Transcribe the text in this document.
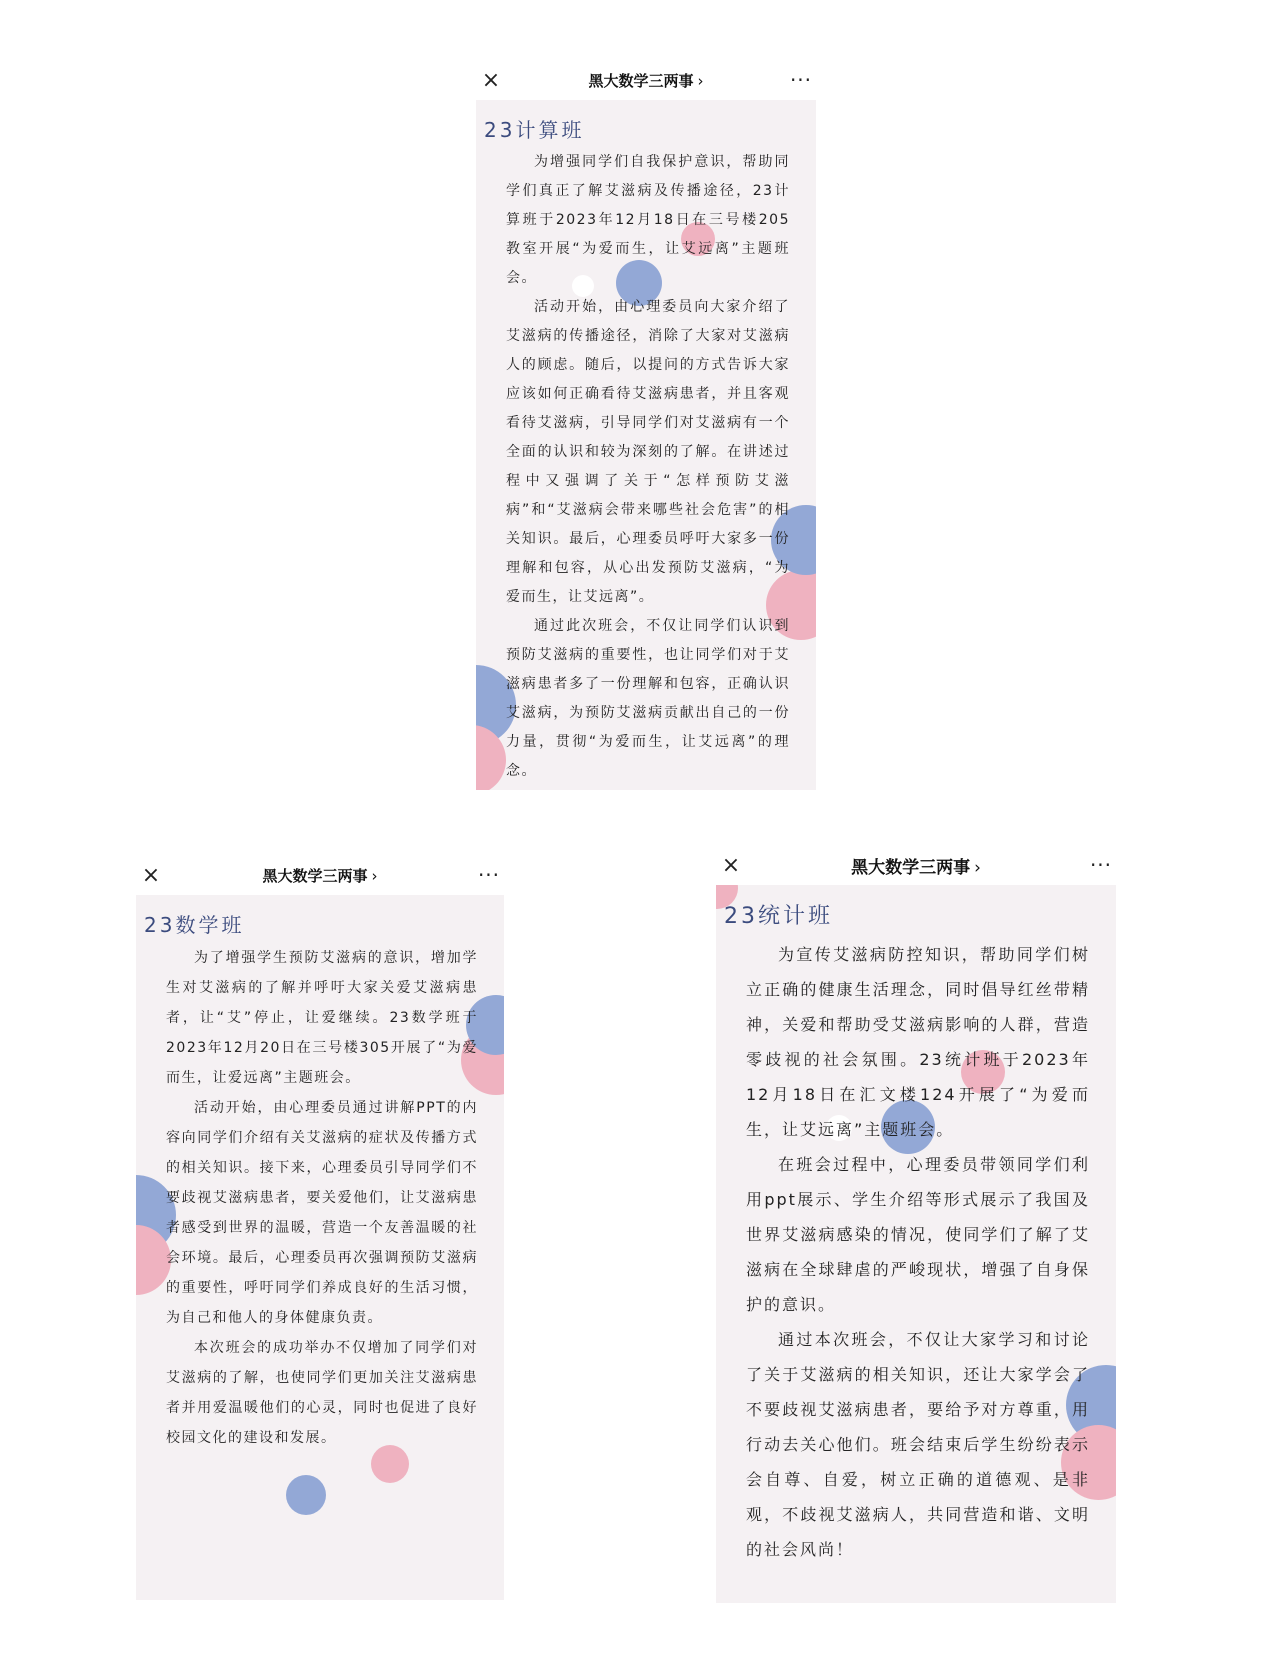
×	黑大数学三两事 ›	···
23计算班

为增强同学们自我保护意识，帮助同学们真正了解艾滋病及传播途径，23计算班于2023年12月18日在三号楼205教室开展“为爱而生，让艾远离”主题班会。

活动开始，由心理委员向大家介绍了艾滋病的传播途径，消除了大家对艾滋病人的顾虑。随后，以提问的方式告诉大家应该如何正确看待艾滋病患者，并且客观看待艾滋病，引导同学们对艾滋病有一个全面的认识和较为深刻的了解。在讲述过程中又强调了关于“怎样预防艾滋病”和“艾滋病会带来哪些社会危害”的相关知识。最后，心理委员呼吁大家多一份理解和包容，从心出发预防艾滋病，“为爱而生，让艾远离”。

通过此次班会，不仅让同学们认识到预防艾滋病的重要性，也让同学们对于艾滋病患者多了一份理解和包容，正确认识艾滋病，为预防艾滋病贡献出自己的一份力量，贯彻“为爱而生，让艾远离”的理念。

×	黑大数学三两事 ›	···
23数学班

为了增强学生预防艾滋病的意识，增加学生对艾滋病的了解并呼吁大家关爱艾滋病患者，让“艾”停止，让爱继续。23数学班于2023年12月20日在三号楼305开展了“为爱而生，让爱远离”主题班会。

活动开始，由心理委员通过讲解PPT的内容向同学们介绍有关艾滋病的症状及传播方式的相关知识。接下来，心理委员引导同学们不要歧视艾滋病患者，要关爱他们，让艾滋病患者感受到世界的温暖，营造一个友善温暖的社会环境。最后，心理委员再次强调预防艾滋病的重要性，呼吁同学们养成良好的生活习惯，为自己和他人的身体健康负责。

本次班会的成功举办不仅增加了同学们对艾滋病的了解，也使同学们更加关注艾滋病患者并用爱温暖他们的心灵，同时也促进了良好校园文化的建设和发展。

×	黑大数学三两事 ›	···
23统计班

为宣传艾滋病防控知识，帮助同学们树立正确的健康生活理念，同时倡导红丝带精神，关爱和帮助受艾滋病影响的人群，营造零歧视的社会氛围。23统计班于2023年12月18日在汇文楼124开展了“为爱而生，让艾远离”主题班会。

在班会过程中，心理委员带领同学们利用ppt展示、学生介绍等形式展示了我国及世界艾滋病感染的情况，使同学们了解了艾滋病在全球肆虐的严峻现状，增强了自身保护的意识。

通过本次班会，不仅让大家学习和讨论了关于艾滋病的相关知识，还让大家学会了不要歧视艾滋病患者，要给予对方尊重，用行动去关心他们。班会结束后学生纷纷表示会自尊、自爱，树立正确的道德观、是非观，不歧视艾滋病人，共同营造和谐、文明的社会风尚！
